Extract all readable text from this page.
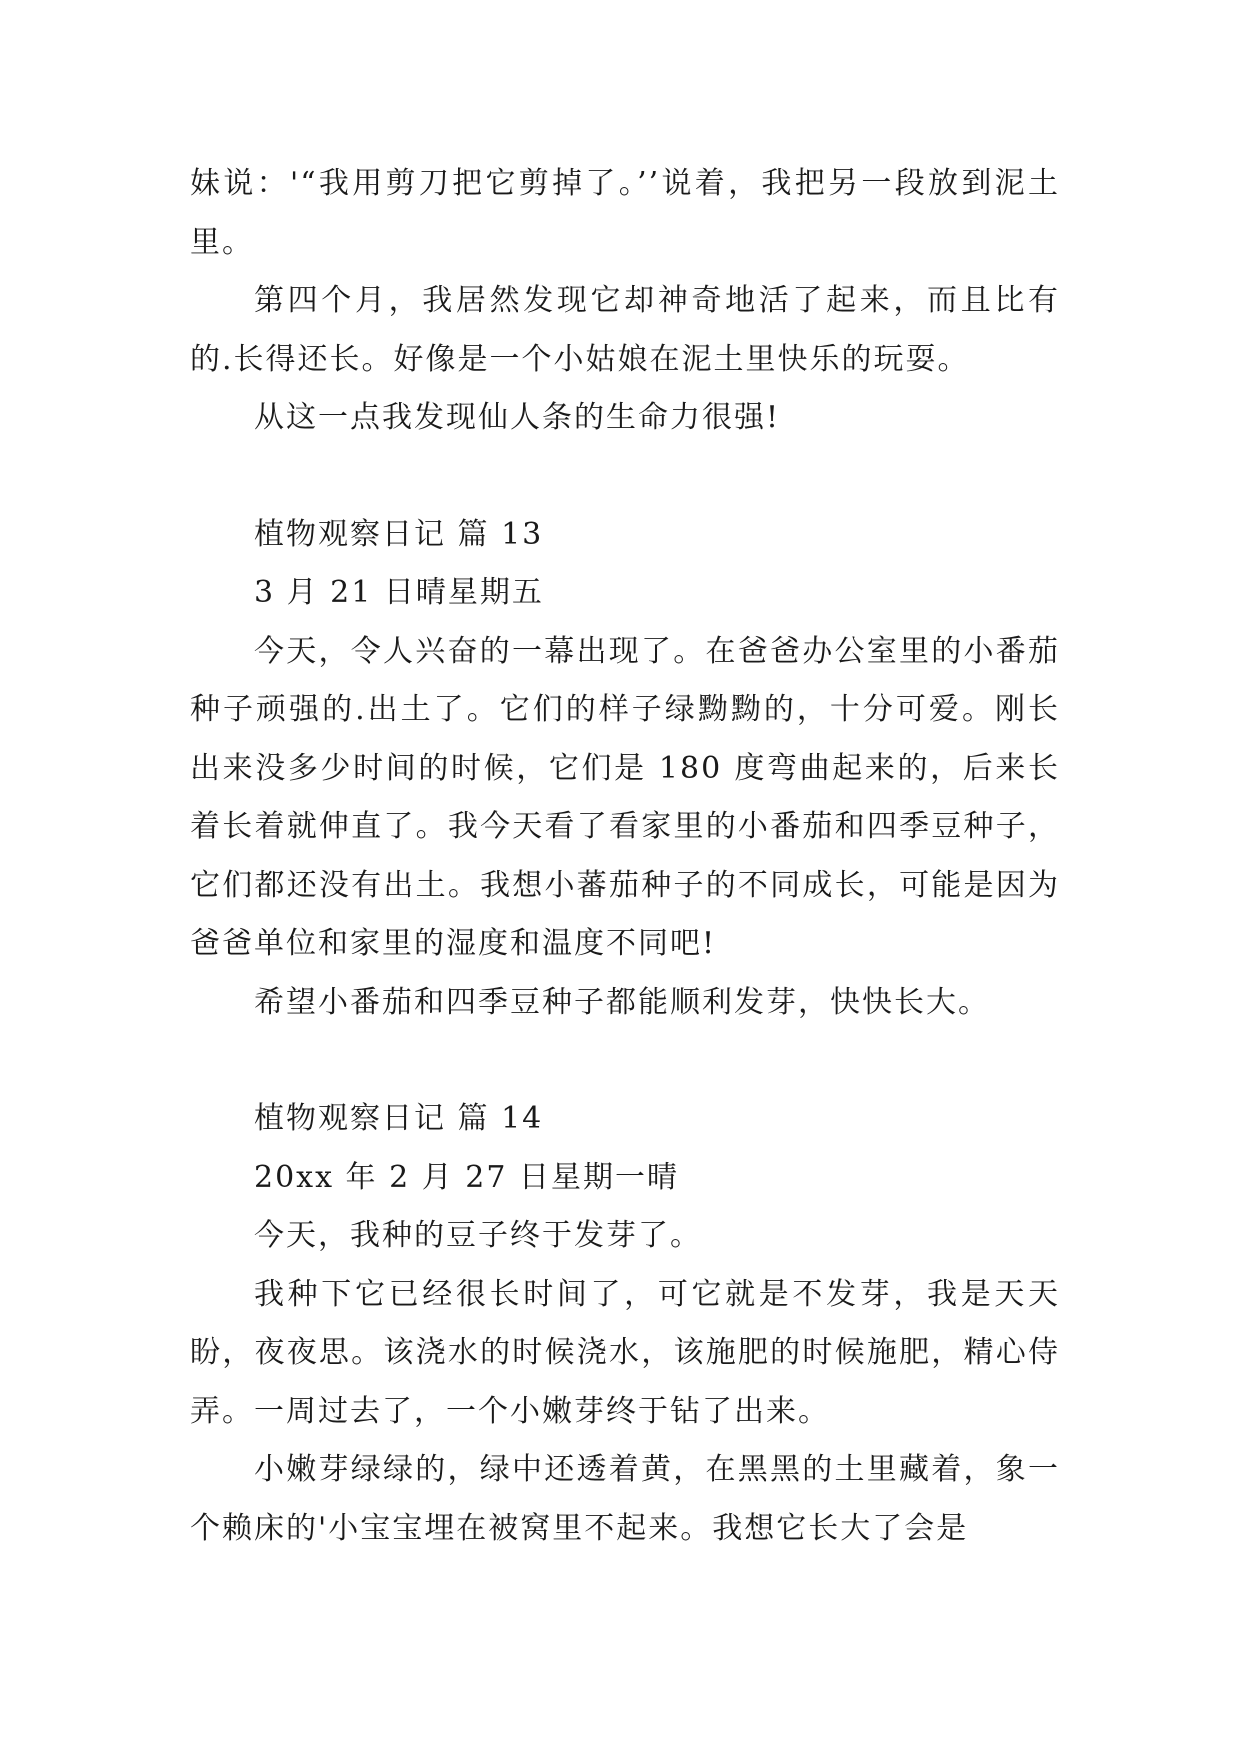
妹说：'“我用剪刀把它剪掉了。’’说着，我把另一段放到泥土里。

第四个月，我居然发现它却神奇地活了起来，而且比有的.长得还长。好像是一个小姑娘在泥土里快乐的玩耍。

从这一点我发现仙人条的生命力很强!

植物观察日记 篇 13

3 月 21 日晴星期五

今天，令人兴奋的一幕出现了。在爸爸办公室里的小番茄种子顽强的.出土了。它们的样子绿黝黝的，十分可爱。刚长出来没多少时间的时候，它们是 180 度弯曲起来的，后来长着长着就伸直了。我今天看了看家里的小番茄和四季豆种子，它们都还没有出土。我想小蕃茄种子的不同成长，可能是因为爸爸单位和家里的湿度和温度不同吧!

希望小番茄和四季豆种子都能顺利发芽，快快长大。

植物观察日记 篇 14

20xx 年 2 月 27 日星期一晴

今天，我种的豆子终于发芽了。

我种下它已经很长时间了，可它就是不发芽，我是天天盼，夜夜思。该浇水的时候浇水，该施肥的时候施肥，精心侍弄。一周过去了，一个小嫩芽终于钻了出来。

小嫩芽绿绿的，绿中还透着黄，在黑黑的土里藏着，象一个赖床的'小宝宝埋在被窝里不起来。我想它长大了会是
